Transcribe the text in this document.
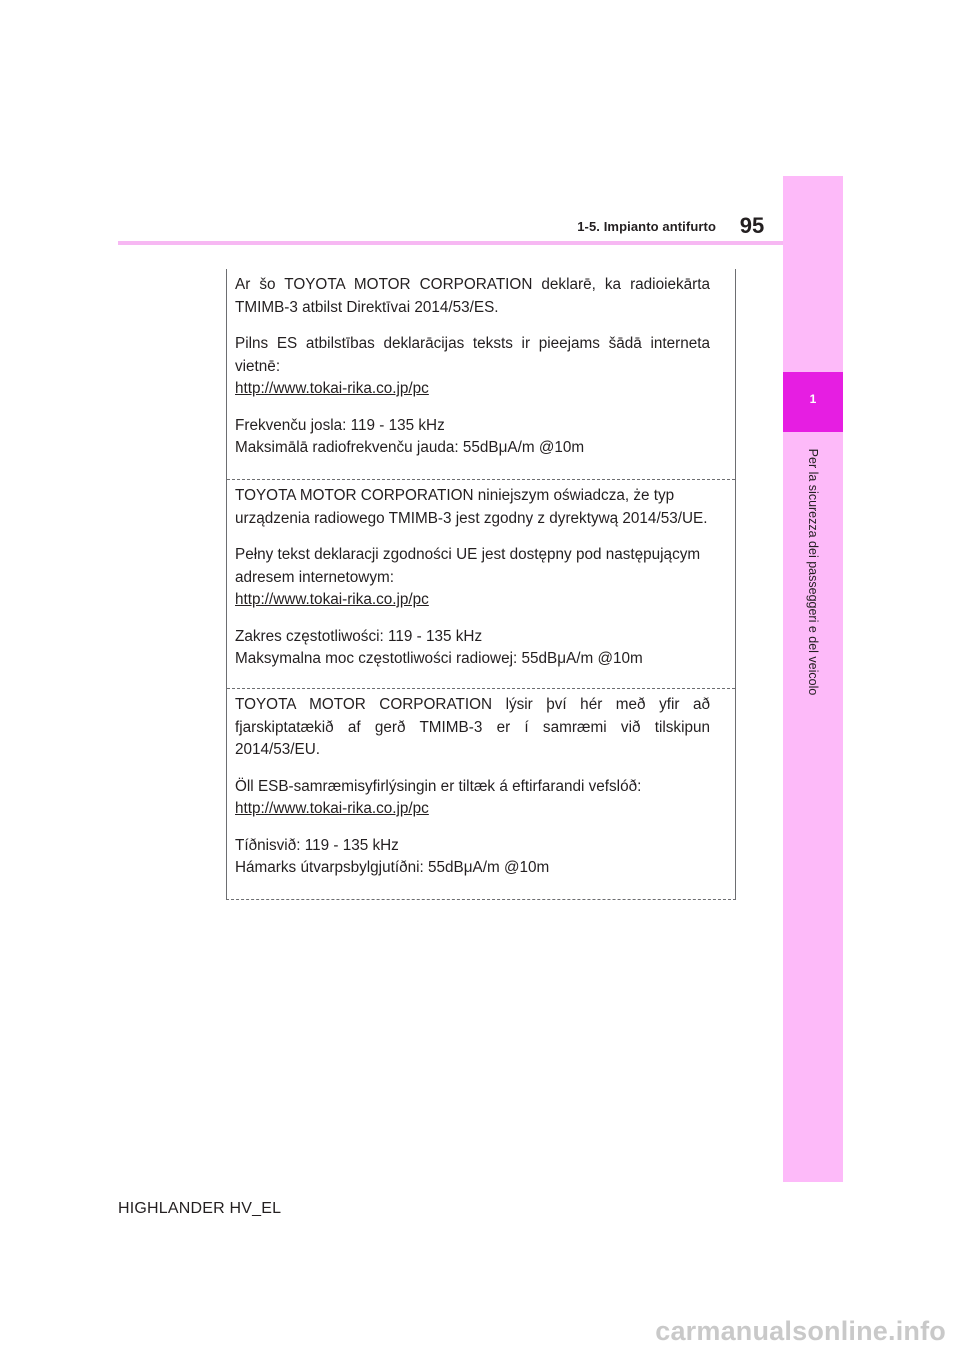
1-5. Impianto antifurto	95
1
Per la sicurezza dei passeggeri e del veicolo

Ar šo TOYOTA MOTOR CORPORATION deklarē, ka radioiekārta
TMIMB-3 atbilst Direktīvai 2014/53/ES.

Pilns ES atbilstības deklarācijas teksts ir pieejams šādā interneta
vietnē:
http://www.tokai-rika.co.jp/pc

Frekvenču josla: 119 - 135 kHz
Maksimālā radiofrekvenču jauda: 55dBμA/m @10m

TOYOTA MOTOR CORPORATION niniejszym oświadcza, że typ
urządzenia radiowego TMIMB-3 jest zgodny z dyrektywą 2014/53/UE.

Pełny tekst deklaracji zgodności UE jest dostępny pod następującym
adresem internetowym:
http://www.tokai-rika.co.jp/pc

Zakres częstotliwości: 119 - 135 kHz
Maksymalna moc częstotliwości radiowej: 55dBμA/m @10m

TOYOTA MOTOR CORPORATION lýsir því hér með yfir að
fjarskiptatækið af gerð TMIMB-3 er í samræmi við tilskipun
2014/53/EU.

Öll ESB-samræmisyfirlýsingin er tiltæk á eftirfarandi vefslóð:
http://www.tokai-rika.co.jp/pc

Tíðnisvið: 119 - 135 kHz
Hámarks útvarpsbylgjutíðni: 55dBμA/m @10m

HIGHLANDER HV_EL
carmanualsonline.info
